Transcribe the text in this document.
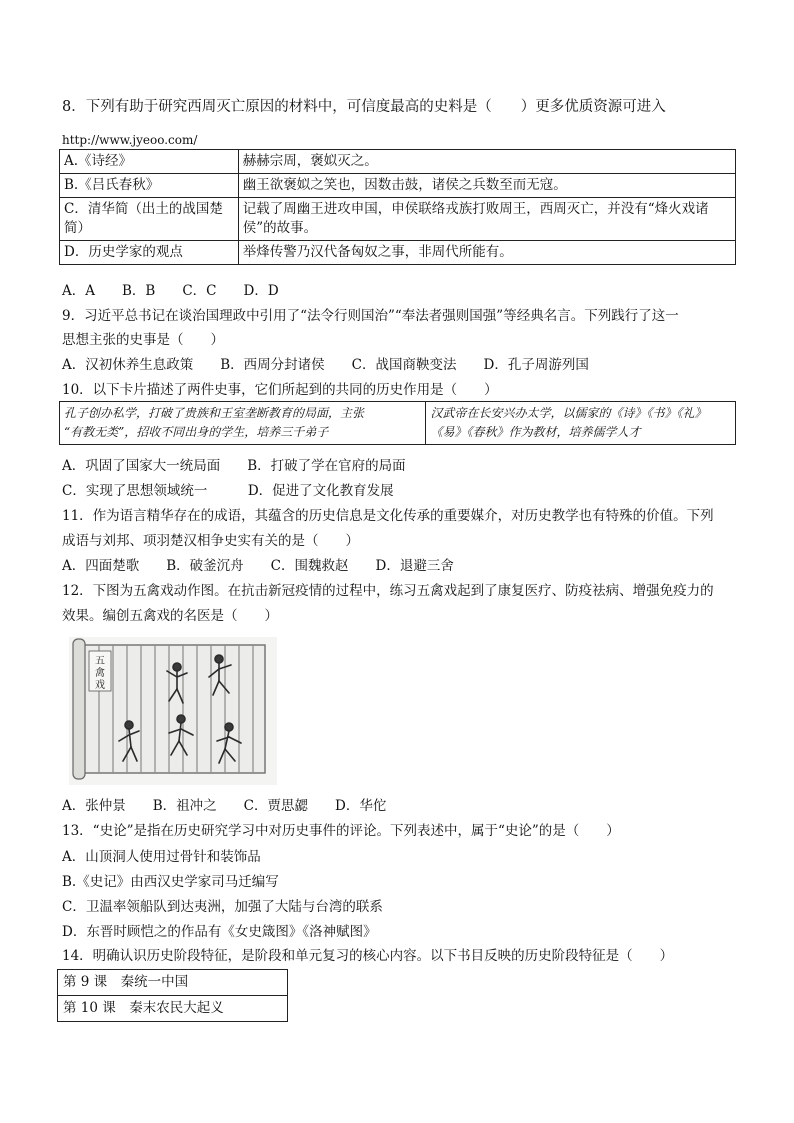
8．下列有助于研究西周灭亡原因的材料中，可信度最高的史料是（　　）更多优质资源可进入
http://www.jyeoo.com/
A.《诗经》	赫赫宗周，褒姒灭之。
B.《吕氏春秋》	幽王欲褒姒之笑也，因数击鼓，诸侯之兵数至而无寇。
C．清华简（出土的战国楚
简）	记载了周幽王进攻申国，申侯联络戎族打败周王，西周灭亡，并没有“烽火戏诸
侯”的故事。
D．历史学家的观点	举烽传警乃汉代备匈奴之事，非周代所能有。
A．A　　B．B　　C．C　　D．D
9．习近平总书记在谈治国理政中引用了“法令行则国治”“奉法者强则国强”等经典名言。下列践行了这一
思想主张的史事是（　　）
A．汉初休养生息政策　　B．西周分封诸侯　　C．战国商鞅变法　　D．孔子周游列国
10．以下卡片描述了两件史事，它们所起到的共同的历史作用是（　　）
孔子创办私学，打破了贵族和王室垄断教育的局面，主张
“有教无类”，招收不同出身的学生，培养三千弟子	汉武帝在长安兴办太学，以儒家的《诗》《书》《礼》
《易》《春秋》作为教材，培养儒学人才
A．巩固了国家大一统局面　　B．打破了学在官府的局面
C．实现了思想领域统一　　　D．促进了文化教育发展
11．作为语言精华存在的成语，其蕴含的历史信息是文化传承的重要媒介，对历史教学也有特殊的价值。下列
成语与刘邦、项羽楚汉相争史实有关的是（　　）
A．四面楚歌　　B．破釜沉舟　　C．围魏救赵　　D．退避三舍
12．下图为五禽戏动作图。在抗击新冠疫情的过程中，练习五禽戏起到了康复医疗、防疫祛病、增强免疫力的
效果。编创五禽戏的名医是（　　）
五
禽
戏
A．张仲景　　B．祖冲之　　C．贾思勰　　D．华佗
13．“史论”是指在历史研究学习中对历史事件的评论。下列表述中，属于“史论”的是（　　）
A．山顶洞人使用过骨针和装饰品
B.《史记》由西汉史学家司马迁编写
C．卫温率领船队到达夷洲，加强了大陆与台湾的联系
D．东晋时顾恺之的作品有《女史箴图》《洛神赋图》
14．明确认识历史阶段特征，是阶段和单元复习的核心内容。以下书目反映的历史阶段特征是（　　）
第 9 课　秦统一中国
第 10 课　秦末农民大起义
